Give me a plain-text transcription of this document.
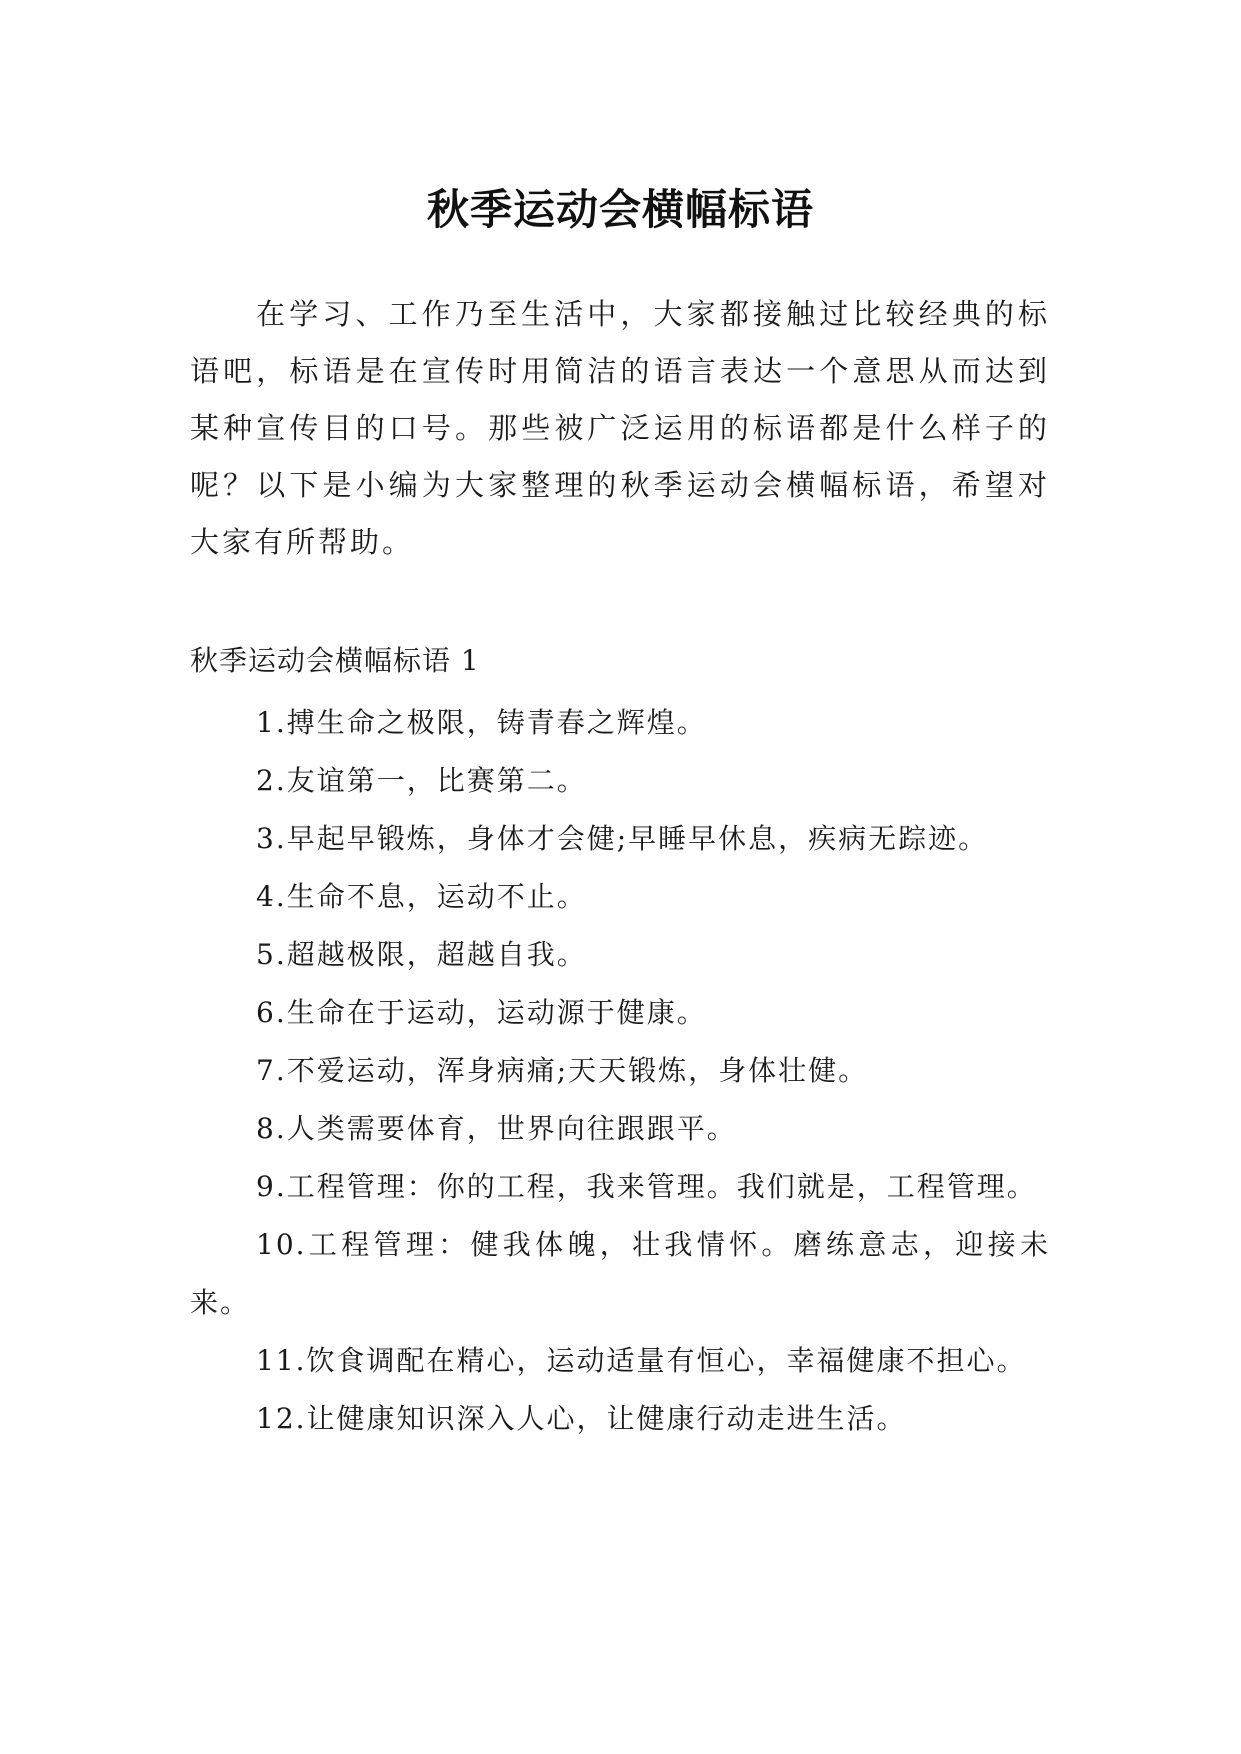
秋季运动会横幅标语

在学习、工作乃至生活中，大家都接触过比较经典的标语吧，标语是在宣传时用简洁的语言表达一个意思从而达到某种宣传目的口号。那些被广泛运用的标语都是什么样子的呢？以下是小编为大家整理的秋季运动会横幅标语，希望对大家有所帮助。

秋季运动会横幅标语 1

1.搏生命之极限，铸青春之辉煌。
2.友谊第一，比赛第二。
3.早起早锻炼，身体才会健;早睡早休息，疾病无踪迹。
4.生命不息，运动不止。
5.超越极限，超越自我。
6.生命在于运动，运动源于健康。
7.不爱运动，浑身病痛;天天锻炼，身体壮健。
8.人类需要体育，世界向往跟跟平。
9.工程管理：你的工程，我来管理。我们就是，工程管理。
10.工程管理：健我体魄，壮我情怀。磨练意志，迎接未来。
11.饮食调配在精心，运动适量有恒心，幸福健康不担心。
12.让健康知识深入人心，让健康行动走进生活。
